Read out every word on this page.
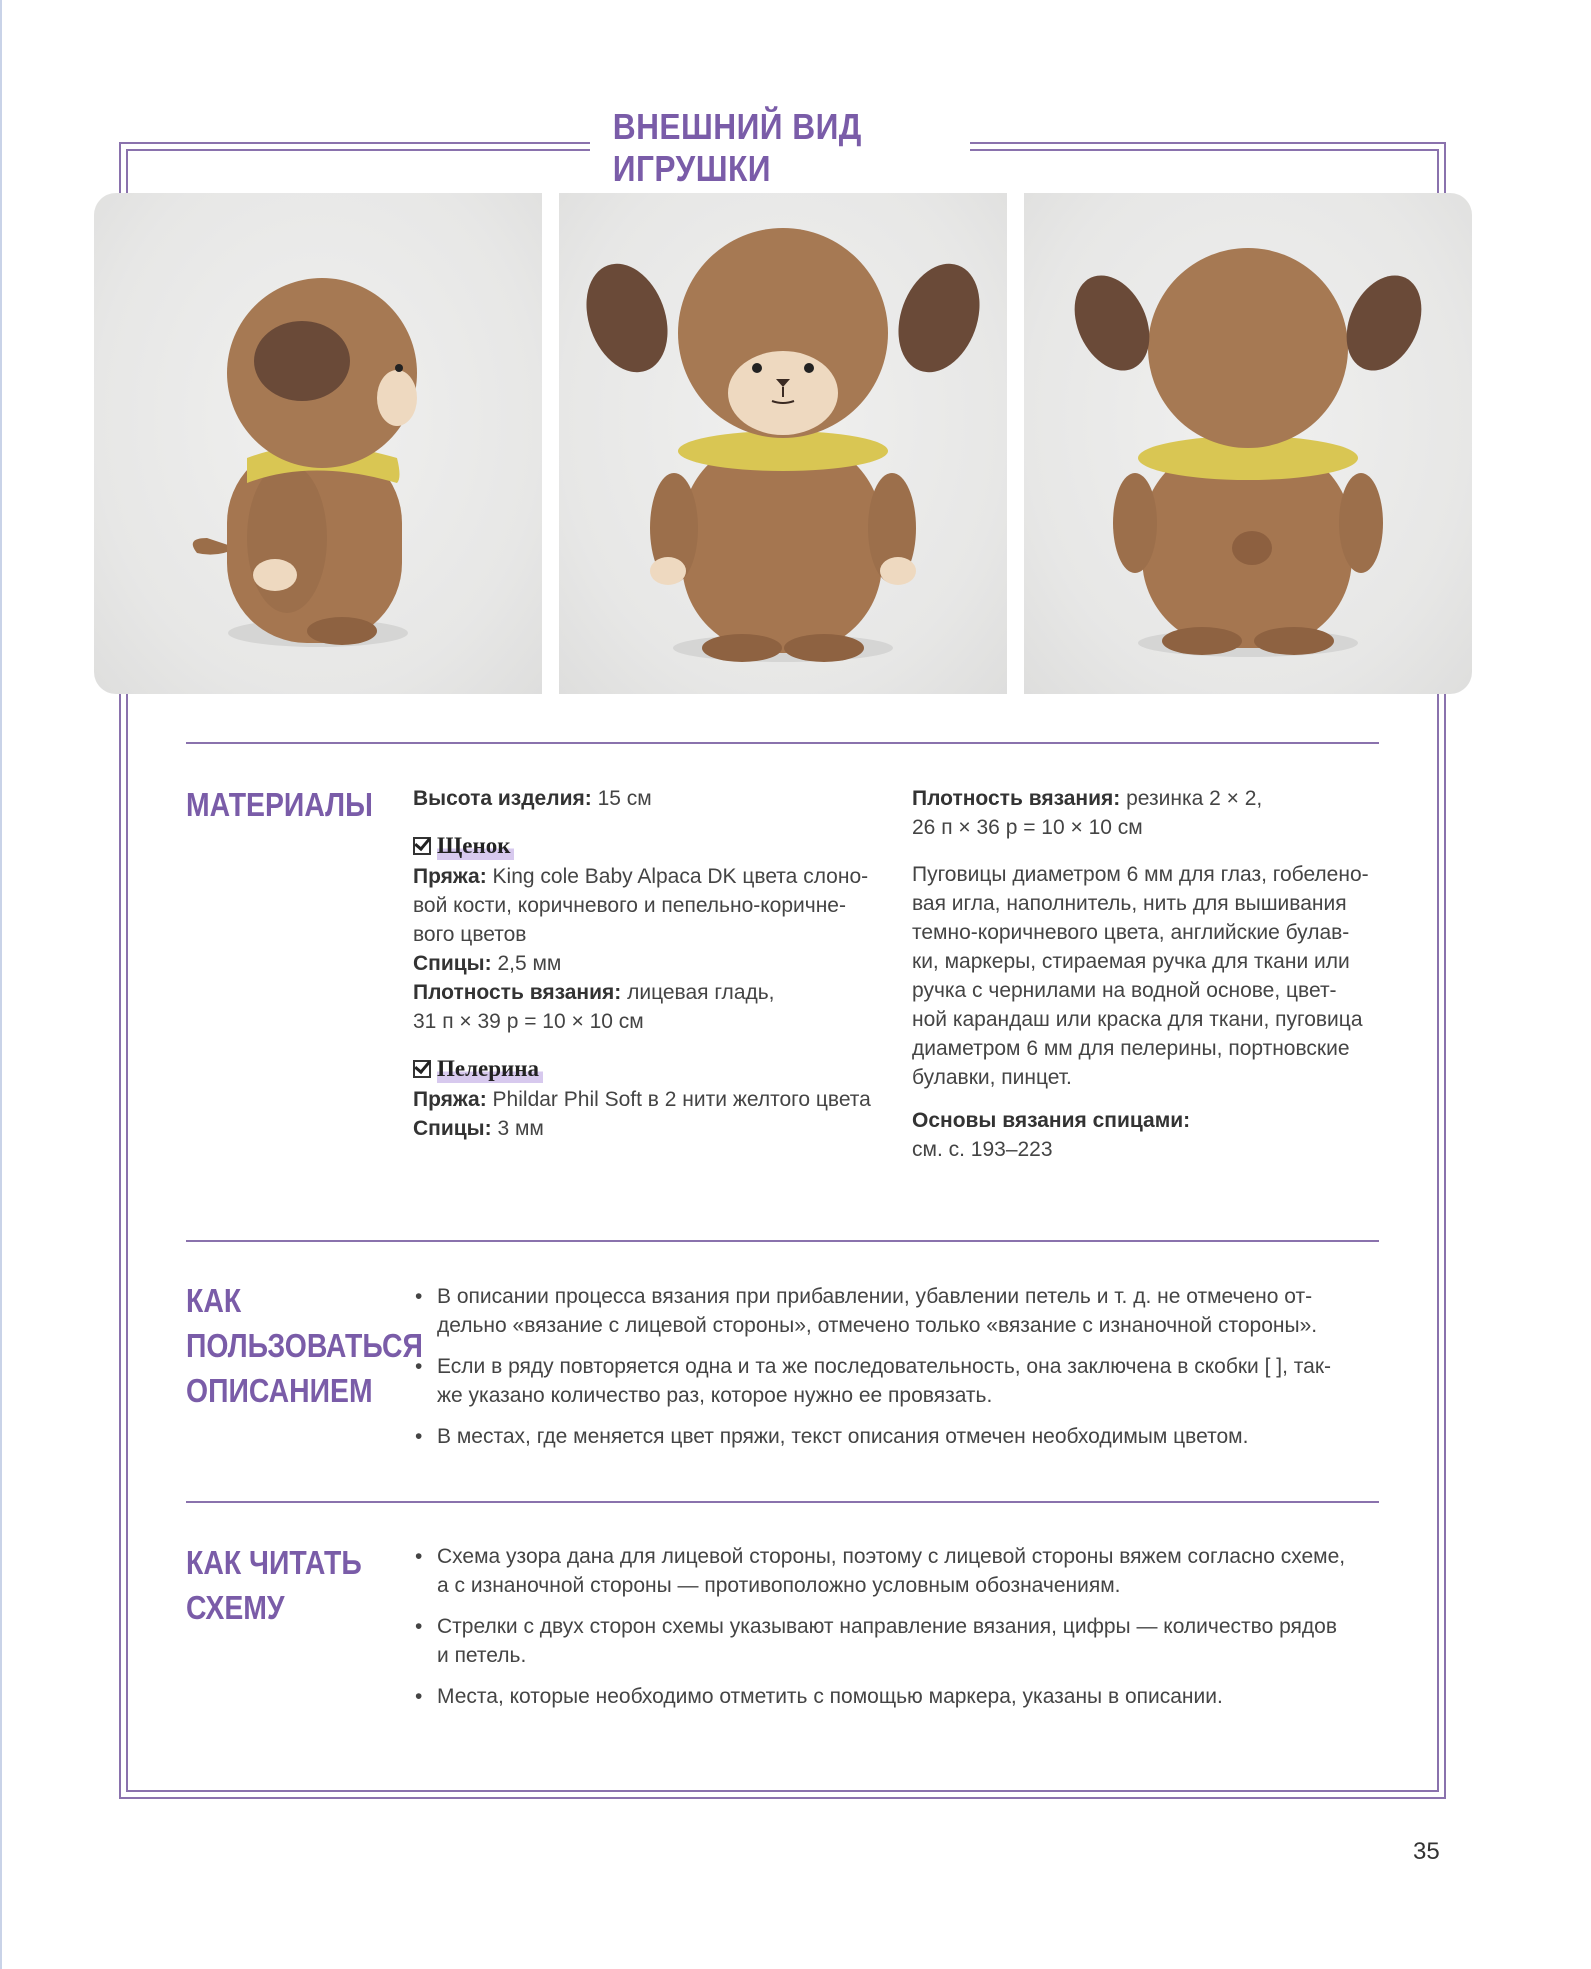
ВНЕШНИЙ ВИД ИГРУШКИ
МАТЕРИАЛЫ Высота изделия: 15 см

Щенок

Пряжа: King cole Baby Alpaca DK цвета слоно-

вой кости, коричневого и пепельно-коричне-

вого цветов

Спицы: 2,5 мм

Плотность вязания: лицевая гладь,

31 п × 39 р = 10 × 10 см

Пелерина

Пряжа: Phildar Phil Soft в 2 нити желтого цвета

Спицы: 3 мм

Плотность вязания: резинка 2 × 2,

26 п × 36 р = 10 × 10 см

Пуговицы диаметром 6 мм для глаз, гобелено-

вая игла, наполнитель, нить для вышивания

темно-коричневого цвета, английские булав-

ки, маркеры, стираемая ручка для ткани или

ручка с чернилами на водной основе, цвет-

ной карандаш или краска для ткани, пуговица

диаметром 6 мм для пелерины, портновские

булавки, пинцет.

Основы вязания спицами:

см. с. 193–223

КАК
ПОЛЬЗОВАТЬСЯ
ОПИСАНИЕМ
• В описании процесса вязания при прибавлении, убавлении петель и т. д. не отмечено от-
дельно «вязание с лицевой стороны», отмечено только «вязание с изнаночной стороны».
• Если в ряду повторяется одна и та же последовательность, она заключена в скобки [ ], так-
же указано количество раз, которое нужно ее провязать.
• В местах, где меняется цвет пряжи, текст описания отмечен необходимым цветом.
КАК ЧИТАТЬ
СХЕМУ
• Схема узора дана для лицевой стороны, поэтому с лицевой стороны вяжем согласно схеме,
а с изнаночной стороны — противоположно условным обозначениям.
• Стрелки с двух сторон схемы указывают направление вязания, цифры — количество рядов
и петель.
• Места, которые необходимо отметить с помощью маркера, указаны в описании.
35
